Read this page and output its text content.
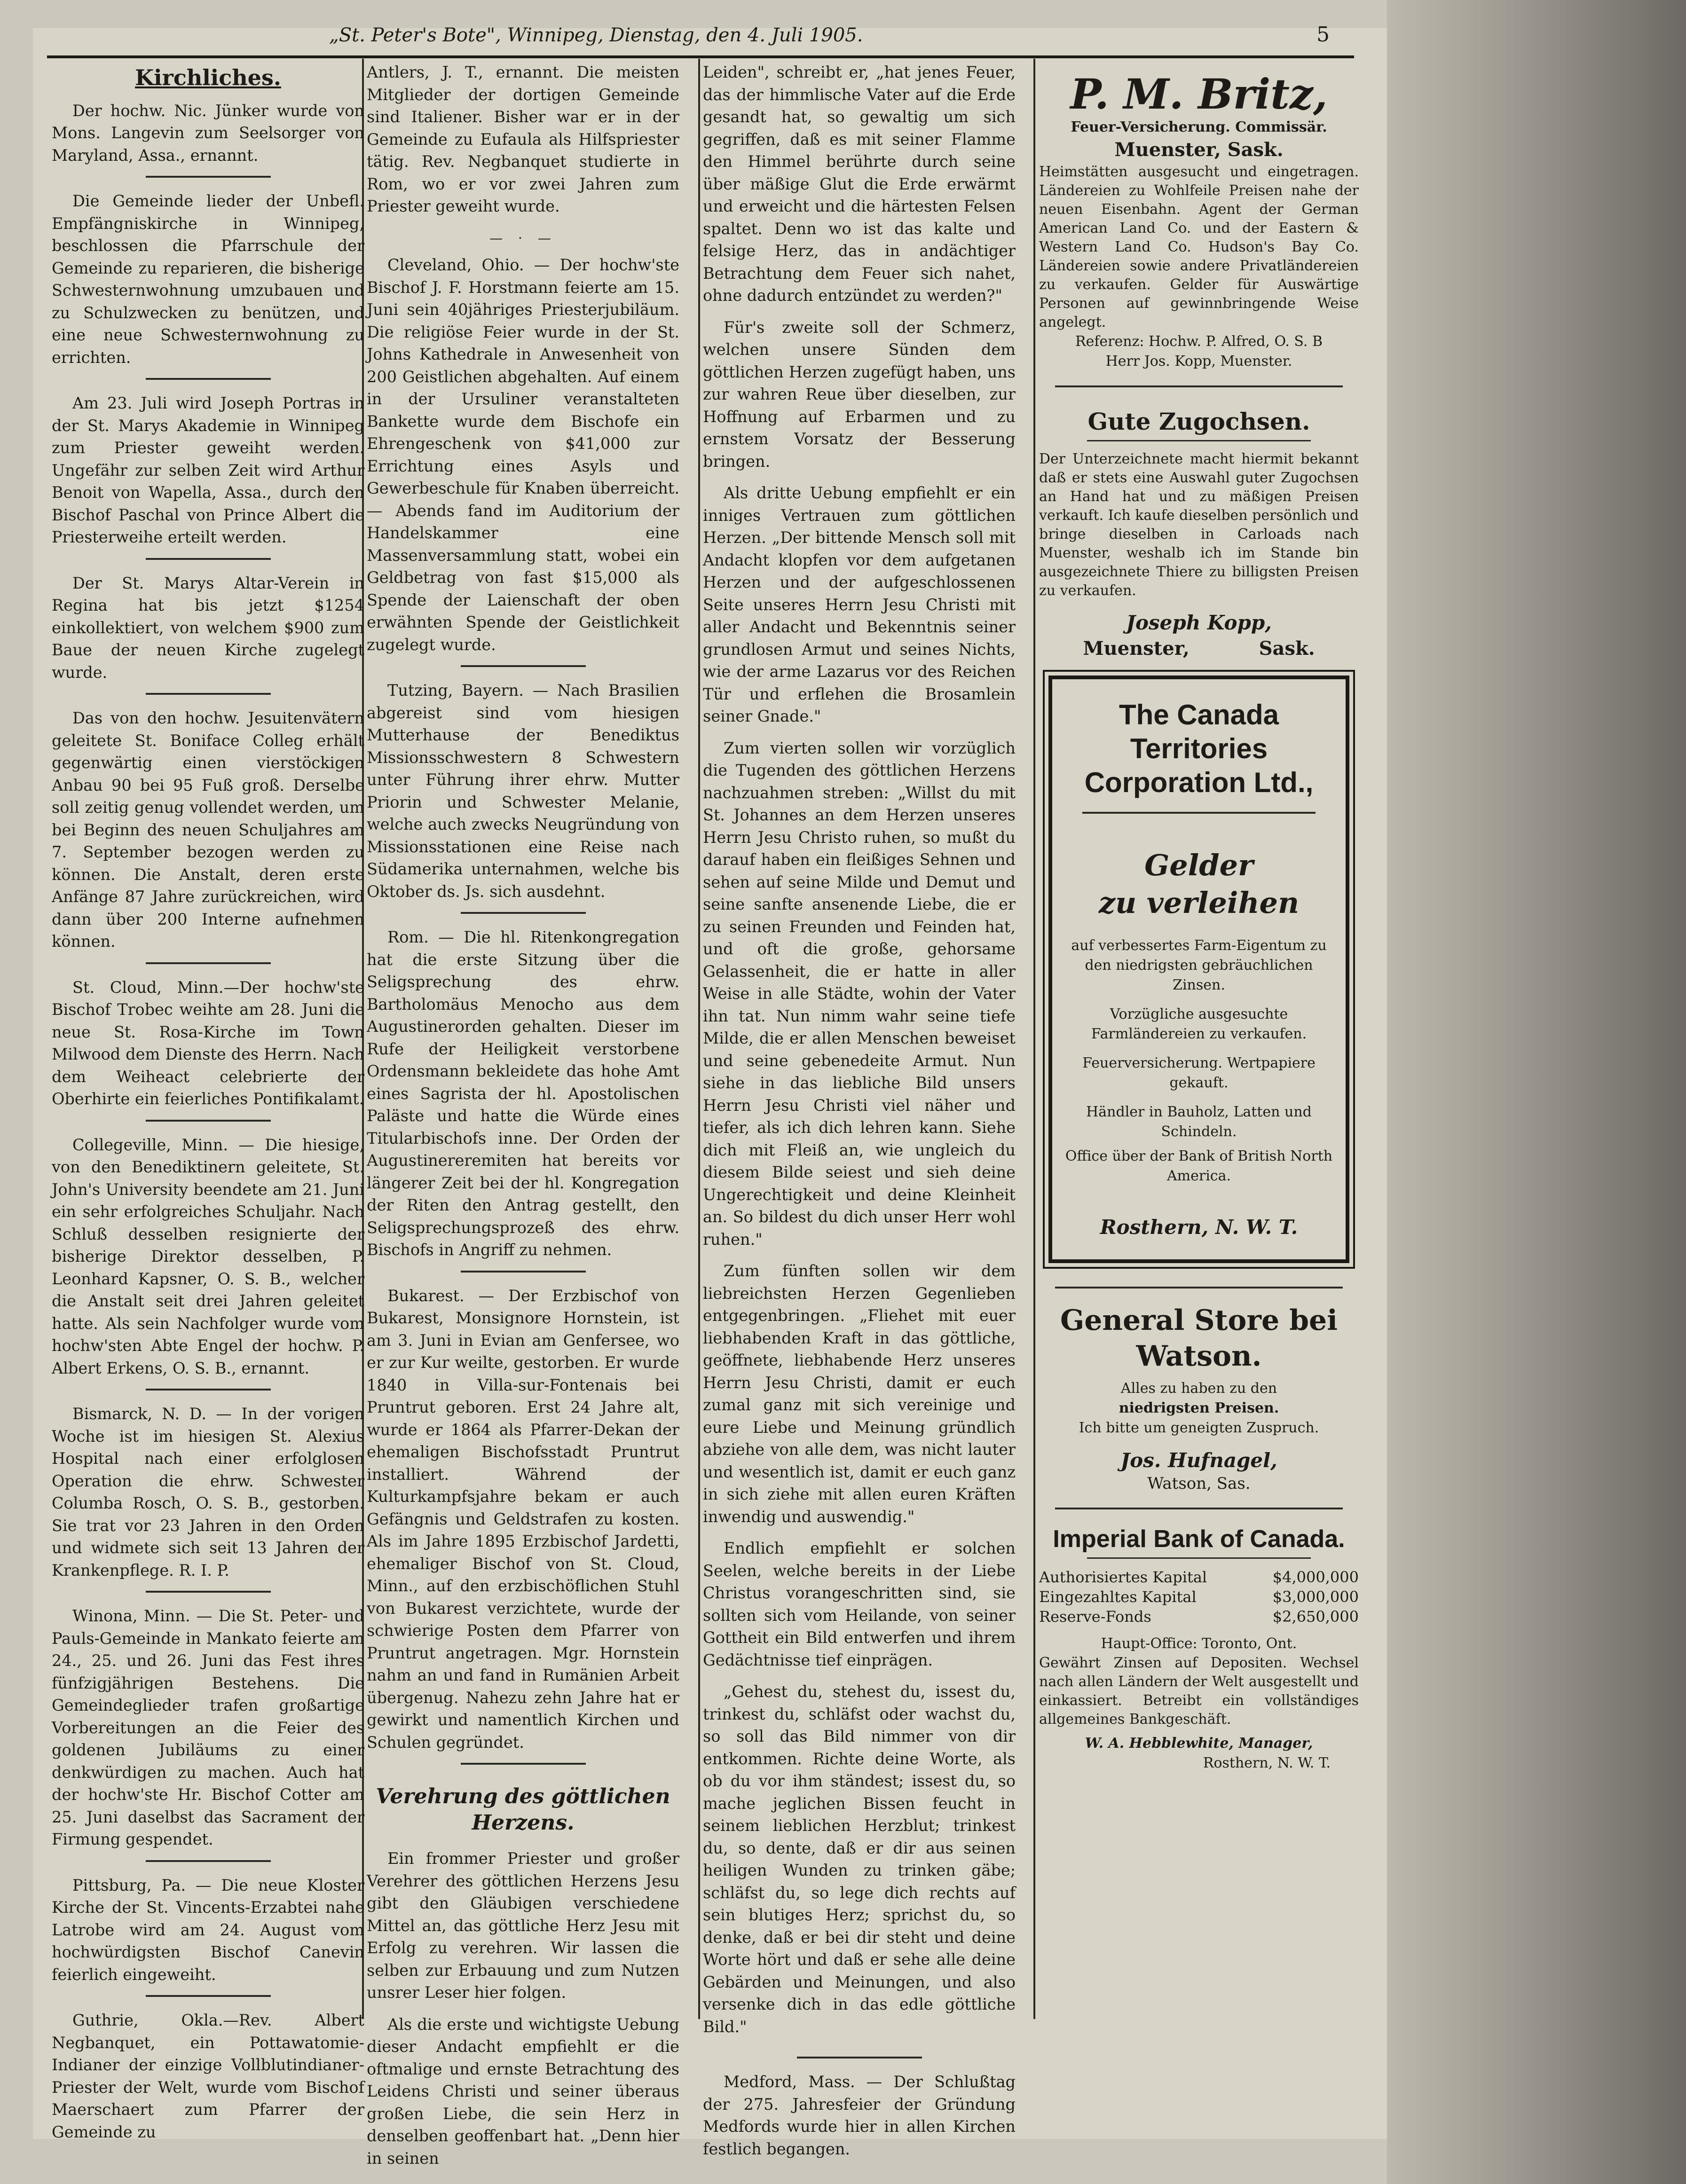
„St. Peter's Bote", Winnipeg, Dienstag, den 4. Juli 1905.	5
Kirchliches.

Der hochw. Nic. Jünker wurde von Mons. Langevin zum Seelsorger von Maryland, Assa., ernannt.

Die Gemeinde lieder der Unbefl. Empfängniskirche in Winnipeg, beschlossen die Pfarrschule der Gemeinde zu reparieren, die bisherige Schwesternwohnung umzubauen und zu Schulzwecken zu benützen, und eine neue Schwesternwohnung zu errichten.

Am 23. Juli wird Joseph Portras in der St. Marys Akademie in Winnipeg zum Priester geweiht werden. Ungefähr zur selben Zeit wird Arthur Benoit von Wapella, Assa., durch den Bischof Paschal von Prince Albert die Priesterweihe erteilt werden.

Der St. Marys Altar-Verein in Regina hat bis jetzt $1254 einkollektiert, von welchem $900 zum Baue der neuen Kirche zugelegt wurde.

Das von den hochw. Jesuitenvätern geleitete St. Boniface Colleg erhält gegenwärtig einen vierstöckigen Anbau 90 bei 95 Fuß groß. Derselbe soll zeitig genug vollendet werden, um bei Beginn des neuen Schuljahres am 7. September bezogen werden zu können. Die Anstalt, deren erste Anfänge 87 Jahre zurückreichen, wird dann über 200 Interne aufnehmen können.

St. Cloud, Minn.—Der hochw'ste Bischof Trobec weihte am 28. Juni die neue St. Rosa-Kirche im Town Milwood dem Dienste des Herrn. Nach dem Weiheact celebrierte der Oberhirte ein feierliches Pontifikalamt.

Collegeville, Minn. — Die hiesige, von den Benediktinern geleitete, St. John's University beendete am 21. Juni ein sehr erfolgreiches Schuljahr. Nach Schluß desselben resignierte der bisherige Direktor desselben, P. Leonhard Kapsner, O. S. B., welcher die Anstalt seit drei Jahren geleitet hatte. Als sein Nachfolger wurde vom hochw'sten Abte Engel der hochw. P. Albert Erkens, O. S. B., ernannt.

Bismarck, N. D. — In der vorigen Woche ist im hiesigen St. Alexius Hospital nach einer erfolglosen Operation die ehrw. Schwester Columba Rosch, O. S. B., gestorben. Sie trat vor 23 Jahren in den Orden und widmete sich seit 13 Jahren der Krankenpflege. R. I. P.

Winona, Minn. — Die St. Peter- und Pauls-Gemeinde in Mankato feierte am 24., 25. und 26. Juni das Fest ihres fünfzigjährigen Bestehens. Die Gemeindeglieder trafen großartige Vorbereitungen an die Feier des goldenen Jubiläums zu einer denkwürdigen zu machen. Auch hat der hochw'ste Hr. Bischof Cotter am 25. Juni daselbst das Sacrament der Firmung gespendet.

Pittsburg, Pa. — Die neue Kloster Kirche der St. Vincents-Erzabtei nahe Latrobe wird am 24. August vom hochwürdigsten Bischof Canevin feierlich eingeweiht.

Guthrie, Okla.—Rev. Albert Negbanquet, ein Pottawatomie-Indianer der einzige Vollblutindianer-Priester der Welt, wurde vom Bischof Maerschaert zum Pfarrer der Gemeinde zu

Antlers, J. T., ernannt. Die meisten Mitglieder der dortigen Gemeinde sind Italiener. Bisher war er in der Gemeinde zu Eufaula als Hilfspriester tätig. Rev. Negbanquet studierte in Rom, wo er vor zwei Jahren zum Priester geweiht wurde.

— · —

Cleveland, Ohio. — Der hochw'ste Bischof J. F. Horstmann feierte am 15. Juni sein 40jähriges Priesterjubiläum. Die religiöse Feier wurde in der St. Johns Kathedrale in Anwesenheit von 200 Geistlichen abgehalten. Auf einem in der Ursuliner veranstalteten Bankette wurde dem Bischofe ein Ehrengeschenk von $41,000 zur Errichtung eines Asyls und Gewerbeschule für Knaben überreicht. — Abends fand im Auditorium der Handelskammer eine Massenversammlung statt, wobei ein Geldbetrag von fast $15,000 als Spende der Laienschaft der oben erwähnten Spende der Geistlichkeit zugelegt wurde.

Tutzing, Bayern. — Nach Brasilien abgereist sind vom hiesigen Mutterhause der Benediktus Missionsschwestern 8 Schwestern unter Führung ihrer ehrw. Mutter Priorin und Schwester Melanie, welche auch zwecks Neugründung von Missionsstationen eine Reise nach Südamerika unternahmen, welche bis Oktober ds. Js. sich ausdehnt.

Rom. — Die hl. Ritenkongregation hat die erste Sitzung über die Seligsprechung des ehrw. Bartholomäus Menocho aus dem Augustinerorden gehalten. Dieser im Rufe der Heiligkeit verstorbene Ordensmann bekleidete das hohe Amt eines Sagrista der hl. Apostolischen Paläste und hatte die Würde eines Titularbischofs inne. Der Orden der Augustinereremiten hat bereits vor längerer Zeit bei der hl. Kongregation der Riten den Antrag gestellt, den Seligsprechungsprozeß des ehrw. Bischofs in Angriff zu nehmen.

Bukarest. — Der Erzbischof von Bukarest, Monsignore Hornstein, ist am 3. Juni in Evian am Genfersee, wo er zur Kur weilte, gestorben. Er wurde 1840 in Villa-sur-Fontenais bei Pruntrut geboren. Erst 24 Jahre alt, wurde er 1864 als Pfarrer-Dekan der ehemaligen Bischofsstadt Pruntrut installiert. Während der Kulturkampfsjahre bekam er auch Gefängnis und Geldstrafen zu kosten. Als im Jahre 1895 Erzbischof Jardetti, ehemaliger Bischof von St. Cloud, Minn., auf den erzbischöflichen Stuhl von Bukarest verzichtete, wurde der schwierige Posten dem Pfarrer von Pruntrut angetragen. Mgr. Hornstein nahm an und fand in Rumänien Arbeit übergenug. Nahezu zehn Jahre hat er gewirkt und namentlich Kirchen und Schulen gegründet.

Verehrung des göttlichen Herzens.

Ein frommer Priester und großer Verehrer des göttlichen Herzens Jesu gibt den Gläubigen verschiedene Mittel an, das göttliche Herz Jesu mit Erfolg zu verehren. Wir lassen die selben zur Erbauung und zum Nutzen unsrer Leser hier folgen.

Als die erste und wichtigste Uebung dieser Andacht empfiehlt er die oftmalige und ernste Betrachtung des Leidens Christi und seiner überaus großen Liebe, die sein Herz in denselben geoffenbart hat. „Denn hier in seinen

Leiden", schreibt er, „hat jenes Feuer, das der himmlische Vater auf die Erde gesandt hat, so gewaltig um sich gegriffen, daß es mit seiner Flamme den Himmel berührte durch seine über mäßige Glut die Erde erwärmt und erweicht und die härtesten Felsen spaltet. Denn wo ist das kalte und felsige Herz, das in andächtiger Betrachtung dem Feuer sich nahet, ohne dadurch entzündet zu werden?"

Für's zweite soll der Schmerz, welchen unsere Sünden dem göttlichen Herzen zugefügt haben, uns zur wahren Reue über dieselben, zur Hoffnung auf Erbarmen und zu ernstem Vorsatz der Besserung bringen.

Als dritte Uebung empfiehlt er ein inniges Vertrauen zum göttlichen Herzen. „Der bittende Mensch soll mit Andacht klopfen vor dem aufgetanen Herzen und der aufgeschlossenen Seite unseres Herrn Jesu Christi mit aller Andacht und Bekenntnis seiner grundlosen Armut und seines Nichts, wie der arme Lazarus vor des Reichen Tür und erflehen die Brosamlein seiner Gnade."

Zum vierten sollen wir vorzüglich die Tugenden des göttlichen Herzens nachzuahmen streben: „Willst du mit St. Johannes an dem Herzen unseres Herrn Jesu Christo ruhen, so mußt du darauf haben ein fleißiges Sehnen und sehen auf seine Milde und Demut und seine sanfte ansenende Liebe, die er zu seinen Freunden und Feinden hat, und oft die große, gehorsame Gelassenheit, die er hatte in aller Weise in alle Städte, wohin der Vater ihn tat. Nun nimm wahr seine tiefe Milde, die er allen Menschen beweiset und seine gebenedeite Armut. Nun siehe in das liebliche Bild unsers Herrn Jesu Christi viel näher und tiefer, als ich dich lehren kann. Siehe dich mit Fleiß an, wie ungleich du diesem Bilde seiest und sieh deine Ungerechtigkeit und deine Kleinheit an. So bildest du dich unser Herr wohl ruhen."

Zum fünften sollen wir dem liebreichsten Herzen Gegenlieben entgegenbringen. „Fliehet mit euer liebhabenden Kraft in das göttliche, geöffnete, liebhabende Herz unseres Herrn Jesu Christi, damit er euch zumal ganz mit sich vereinige und eure Liebe und Meinung gründlich abziehe von alle dem, was nicht lauter und wesentlich ist, damit er euch ganz in sich ziehe mit allen euren Kräften inwendig und auswendig."

Endlich empfiehlt er solchen Seelen, welche bereits in der Liebe Christus vorangeschritten sind, sie sollten sich vom Heilande, von seiner Gottheit ein Bild entwerfen und ihrem Gedächtnisse tief einprägen.

„Gehest du, stehest du, issest du, trinkest du, schläfst oder wachst du, so soll das Bild nimmer von dir entkommen. Richte deine Worte, als ob du vor ihm ständest; issest du, so mache jeglichen Bissen feucht in seinem lieblichen Herzblut; trinkest du, so dente, daß er dir aus seinen heiligen Wunden zu trinken gäbe; schläfst du, so lege dich rechts auf sein blutiges Herz; sprichst du, so denke, daß er bei dir steht und deine Worte hört und daß er sehe alle deine Gebärden und Meinungen, und also versenke dich in das edle göttliche Bild."

Medford, Mass. — Der Schlußtag der 275. Jahresfeier der Gründung Medfords wurde hier in allen Kirchen festlich begangen.

P. M. Britz,
Feuer-Versicherung. Commissär.
Muenster, Sask.
Heimstätten ausgesucht und eingetragen. Ländereien zu Wohlfeile Preisen nahe der neuen Eisenbahn. Agent der German American Land Co. und der Eastern & Western Land Co. Hudson's Bay Co. Ländereien sowie andere Privatländereien zu verkaufen. Gelder für Auswärtige Personen auf gewinnbringende Weise angelegt.
Referenz: Hochw. P. Alfred, O. S. B
Herr Jos. Kopp, Muenster.
Gute Zugochsen.
Der Unterzeichnete macht hiermit bekannt daß er stets eine Auswahl guter Zugochsen an Hand hat und zu mäßigen Preisen verkauft. Ich kaufe dieselben persönlich und bringe dieselben in Carloads nach Muenster, weshalb ich im Stande bin ausgezeichnete Thiere zu billigsten Preisen zu verkaufen.
Joseph Kopp,
Muenster,	Sask.
The Canada Territories
Corporation Ltd.,
Gelder
zu verleihen
auf verbessertes Farm-Eigentum zu den niedrigsten gebräuchlichen Zinsen.
Vorzügliche ausgesuchte Farmländereien zu verkaufen.
Feuerversicherung. Wertpapiere gekauft.
Händler in Bauholz, Latten und Schindeln.
Office über der Bank of British North America.
Rosthern, N. W. T.
General Store bei
Watson.
Alles zu haben zu den
niedrigsten Preisen.
Ich bitte um geneigten Zuspruch.
Jos. Hufnagel,
Watson, Sas.
Imperial Bank of Canada.
Authorisiertes Kapital	$4,000,000
Eingezahltes Kapital	$3,000,000
Reserve-Fonds	$2,650,000
Haupt-Office: Toronto, Ont.
Gewährt Zinsen auf Depositen. Wechsel nach allen Ländern der Welt ausgestellt und einkassiert. Betreibt ein vollständiges allgemeines Bankgeschäft.
W. A. Hebblewhite, Manager,
Rosthern, N. W. T.
